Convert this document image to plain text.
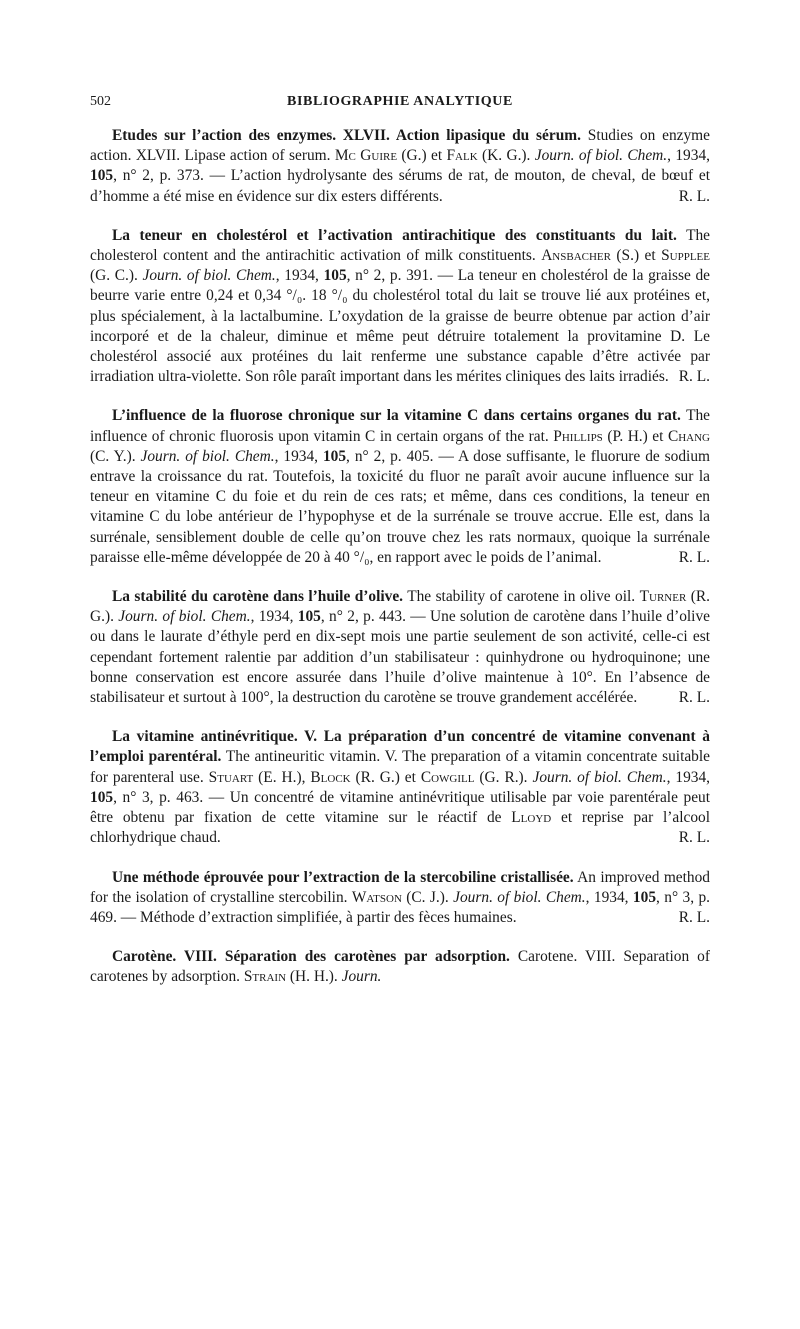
502	BIBLIOGRAPHIE ANALYTIQUE

Etudes sur l’action des enzymes. XLVII. Action lipasique du sérum. Studies on enzyme action. XLVII. Lipase action of serum. Mc Guire (G.) et Falk (K. G.). Journ. of biol. Chem., 1934, 105, n° 2, p. 373. — L’action hydrolysante des sérums de rat, de mouton, de cheval, de bœuf et d’homme a été mise en évidence sur dix esters différents.	R. L.

La teneur en cholestérol et l’activation antirachitique des constituants du lait. The cholesterol content and the antirachitic activation of milk constituents. Ansbacher (S.) et Supplee (G. C.). Journ. of biol. Chem., 1934, 105, n° 2, p. 391. — La teneur en cholestérol de la graisse de beurre varie entre 0,24 et 0,34 °/₀. 18 °/₀ du cholestérol total du lait se trouve lié aux protéines et, plus spécialement, à la lactalbumine. L’oxydation de la graisse de beurre obtenue par action d’air incorporé et de la chaleur, diminue et même peut détruire totalement la provitamine D. Le cholestérol associé aux protéines du lait renferme une substance capable d’être activée par irradiation ultra-violette. Son rôle paraît important dans les mérites cliniques des laits irradiés. R. L.

L’influence de la fluorose chronique sur la vitamine C dans certains organes du rat. The influence of chronic fluorosis upon vitamin C in certain organs of the rat. Phillips (P. H.) et Chang (C. Y.). Journ. of biol. Chem., 1934, 105, n° 2, p. 405. — A dose suffisante, le fluorure de sodium entrave la croissance du rat. Toutefois, la toxicité du fluor ne paraît avoir aucune influence sur la teneur en vitamine C du foie et du rein de ces rats; et même, dans ces conditions, la teneur en vitamine C du lobe antérieur de l’hypophyse et de la surrénale se trouve accrue. Elle est, dans la surrénale, sensiblement double de celle qu’on trouve chez les rats normaux, quoique la surrénale paraisse elle-même développée de 20 à 40 °/₀, en rapport avec le poids de l’animal.	R. L.

La stabilité du carotène dans l’huile d’olive. The stability of carotene in olive oil. Turner (R. G.). Journ. of biol. Chem., 1934, 105, n° 2, p. 443. — Une solution de carotène dans l’huile d’olive ou dans le laurate d’éthyle perd en dix-sept mois une partie seulement de son activité, celle-ci est cependant fortement ralentie par addition d’un stabilisateur : quinhydrone ou hydroquinone; une bonne conservation est encore assurée dans l’huile d’olive maintenue à 10°. En l’absence de stabilisateur et surtout à 100°, la destruction du carotène se trouve grandement accélérée.	R. L.

La vitamine antinévritique. V. La préparation d’un concentré de vitamine convenant à l’emploi parentéral. The antineuritic vitamin. V. The preparation of a vitamin concentrate suitable for parenteral use. Stuart (E. H.), Block (R. G.) et Cowgill (G. R.). Journ. of biol. Chem., 1934, 105, n° 3, p. 463. — Un concentré de vitamine antinévritique utilisable par voie parentérale peut être obtenu par fixation de cette vitamine sur le réactif de Lloyd et reprise par l’alcool chlorhydrique chaud.	R. L.

Une méthode éprouvée pour l’extraction de la stercobiline cristallisée. An improved method for the isolation of crystalline stercobilin. Watson (C. J.). Journ. of biol. Chem., 1934, 105, n° 3, p. 469. — Méthode d’extraction simplifiée, à partir des fèces humaines.	R. L.

Carotène. VIII. Séparation des carotènes par adsorption. Carotene. VIII. Separation of carotenes by adsorption. Strain (H. H.). Journ.
